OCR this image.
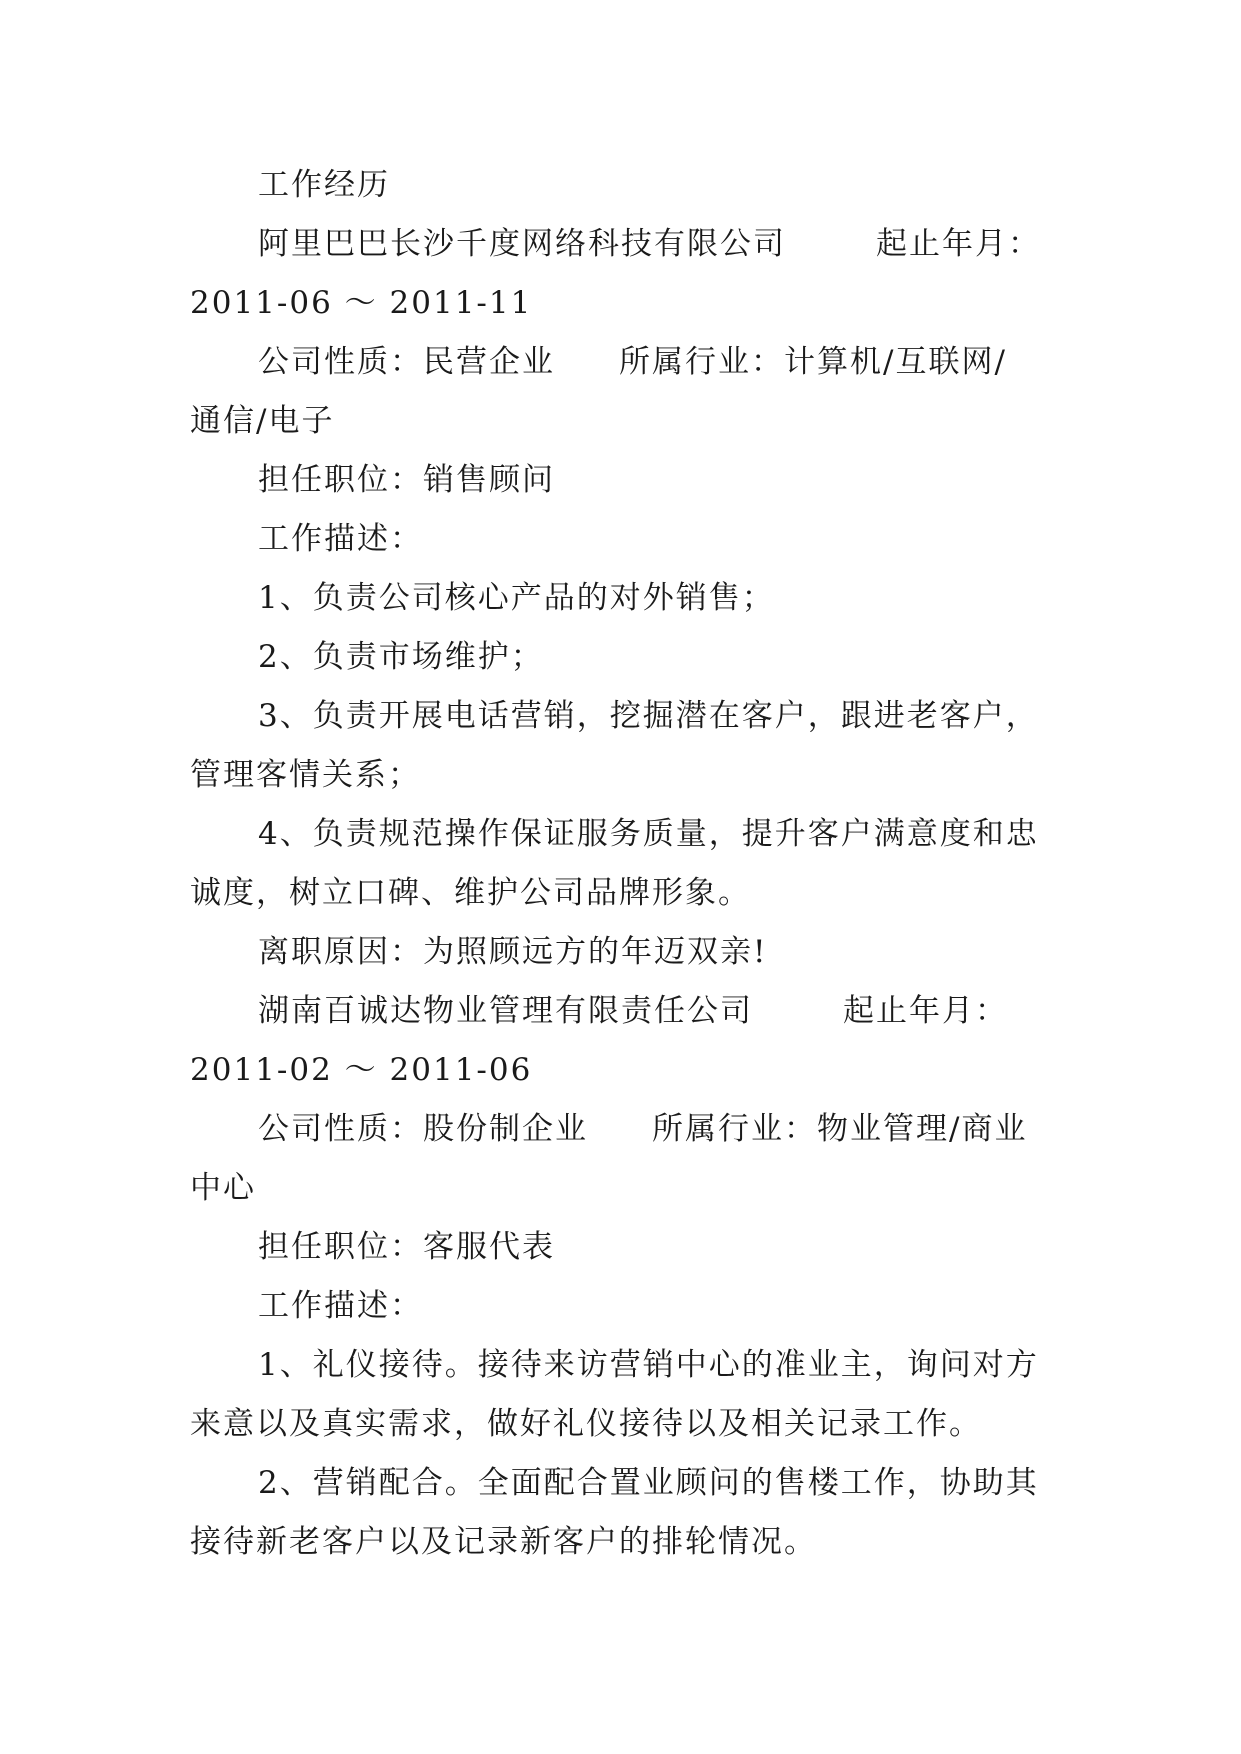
工作经历
阿里巴巴长沙千度网络科技有限公司	起止年月：
2011-06 ～ 2011-11
公司性质：民营企业 所属行业：计算机/互联网/
通信/电子
担任职位：销售顾问
工作描述：
1、负责公司核心产品的对外销售；
2、负责市场维护；
3、负责开展电话营销，挖掘潜在客户，跟进老客户，
管理客情关系；
4、负责规范操作保证服务质量，提升客户满意度和忠
诚度，树立口碑、维护公司品牌形象。
离职原因：为照顾远方的年迈双亲!
湖南百诚达物业管理有限责任公司	起止年月：
2011-02 ～ 2011-06
公司性质：股份制企业 所属行业：物业管理/商业
中心
担任职位：客服代表
工作描述：
1、礼仪接待。接待来访营销中心的准业主，询问对方
来意以及真实需求，做好礼仪接待以及相关记录工作。
2、营销配合。全面配合置业顾问的售楼工作，协助其
接待新老客户以及记录新客户的排轮情况。
